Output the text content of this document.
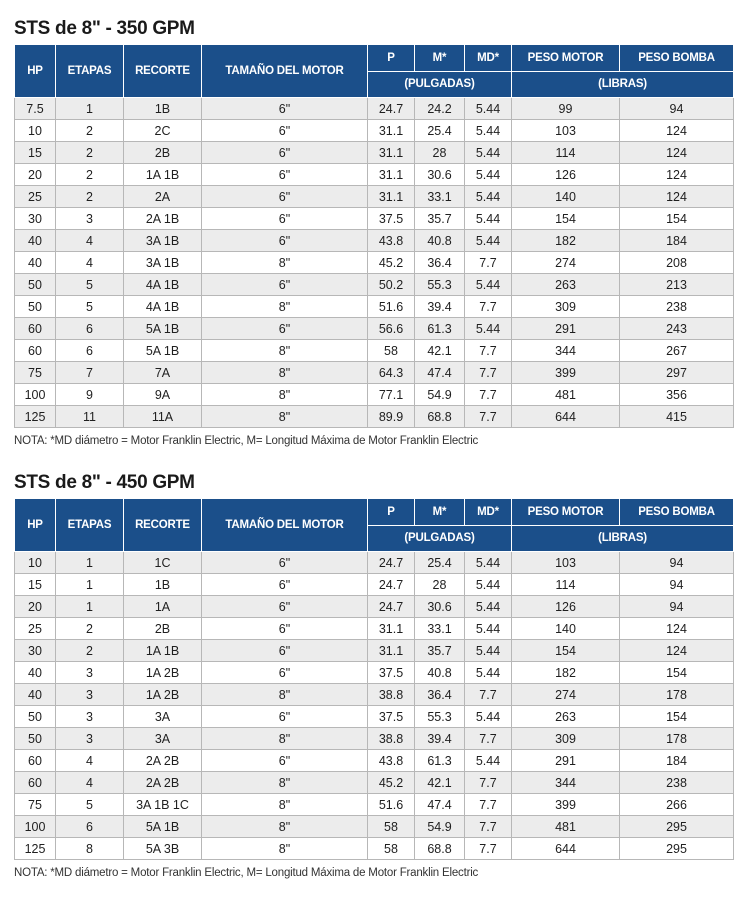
STS de 8" - 350 GPM
HP	ETAPAS	RECORTE	TAMAÑO DEL MOTOR	P	M*	MD*	PESO MOTOR	PESO BOMBA
				(PULGADAS)			(LIBRAS)	
7.5	1	1B	6"	24.7	24.2	5.44	99	94
10	2	2C	6"	31.1	25.4	5.44	103	124
15	2	2B	6"	31.1	28	5.44	114	124
20	2	1A 1B	6"	31.1	30.6	5.44	126	124
25	2	2A	6"	31.1	33.1	5.44	140	124
30	3	2A 1B	6"	37.5	35.7	5.44	154	154
40	4	3A 1B	6"	43.8	40.8	5.44	182	184
40	4	3A 1B	8"	45.2	36.4	7.7	274	208
50	5	4A 1B	6"	50.2	55.3	5.44	263	213
50	5	4A 1B	8"	51.6	39.4	7.7	309	238
60	6	5A 1B	6"	56.6	61.3	5.44	291	243
60	6	5A 1B	8"	58	42.1	7.7	344	267
75	7	7A	8"	64.3	47.4	7.7	399	297
100	9	9A	8"	77.1	54.9	7.7	481	356
125	11	11A	8"	89.9	68.8	7.7	644	415
NOTA: *MD diámetro = Motor Franklin Electric, M= Longitud Máxima de Motor Franklin Electric
STS de 8" - 450 GPM
HP	ETAPAS	RECORTE	TAMAÑO DEL MOTOR	P	M*	MD*	PESO MOTOR	PESO BOMBA
				(PULGADAS)			(LIBRAS)	
10	1	1C	6"	24.7	25.4	5.44	103	94
15	1	1B	6"	24.7	28	5.44	114	94
20	1	1A	6"	24.7	30.6	5.44	126	94
25	2	2B	6"	31.1	33.1	5.44	140	124
30	2	1A 1B	6"	31.1	35.7	5.44	154	124
40	3	1A 2B	6"	37.5	40.8	5.44	182	154
40	3	1A 2B	8"	38.8	36.4	7.7	274	178
50	3	3A	6"	37.5	55.3	5.44	263	154
50	3	3A	8"	38.8	39.4	7.7	309	178
60	4	2A 2B	6"	43.8	61.3	5.44	291	184
60	4	2A 2B	8"	45.2	42.1	7.7	344	238
75	5	3A 1B 1C	8"	51.6	47.4	7.7	399	266
100	6	5A 1B	8"	58	54.9	7.7	481	295
125	8	5A 3B	8"	58	68.8	7.7	644	295
NOTA: *MD diámetro = Motor Franklin Electric, M= Longitud Máxima de Motor Franklin Electric
